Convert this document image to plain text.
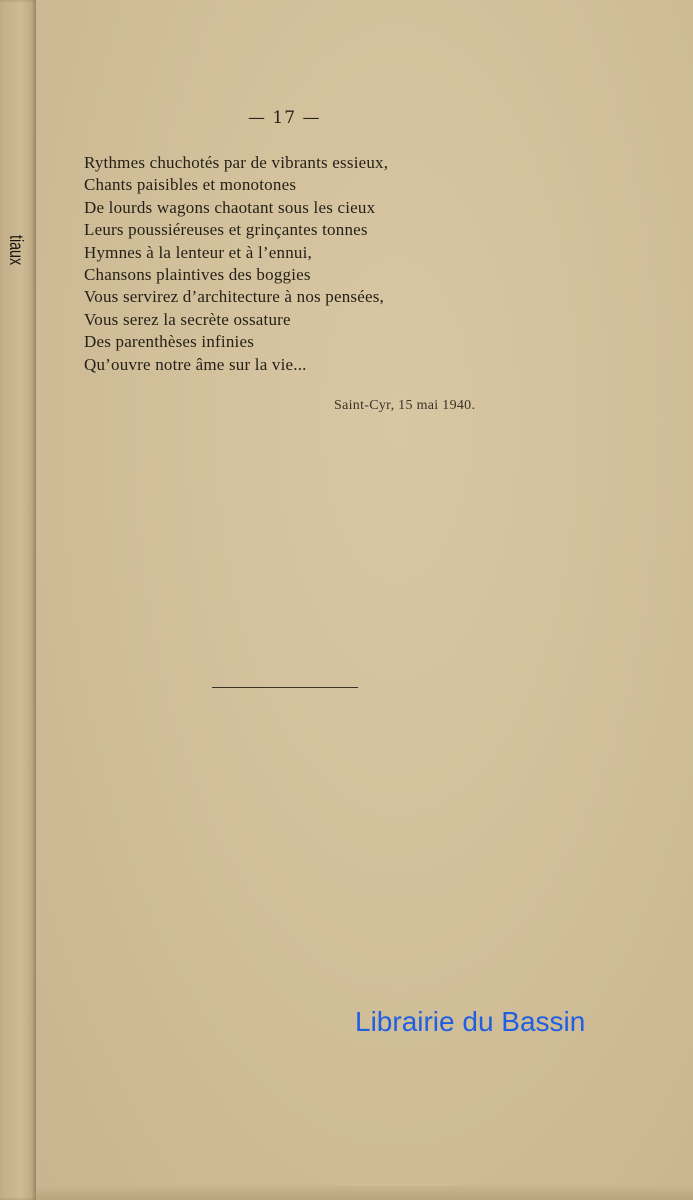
tiaux
— 17 —
Rythmes chuchotés par de vibrants essieux,
Chants paisibles et monotones
De lourds wagons chaotant sous les cieux
Leurs poussiéreuses et grinçantes tonnes
Hymnes à la lenteur et à l’ennui,
Chansons plaintives des boggies
Vous servirez d’architecture à nos pensées,
Vous serez la secrète ossature
Des parenthèses infinies
Qu’ouvre notre âme sur la vie...
Saint-Cyr, 15 mai 1940.
Librairie du Bassin
